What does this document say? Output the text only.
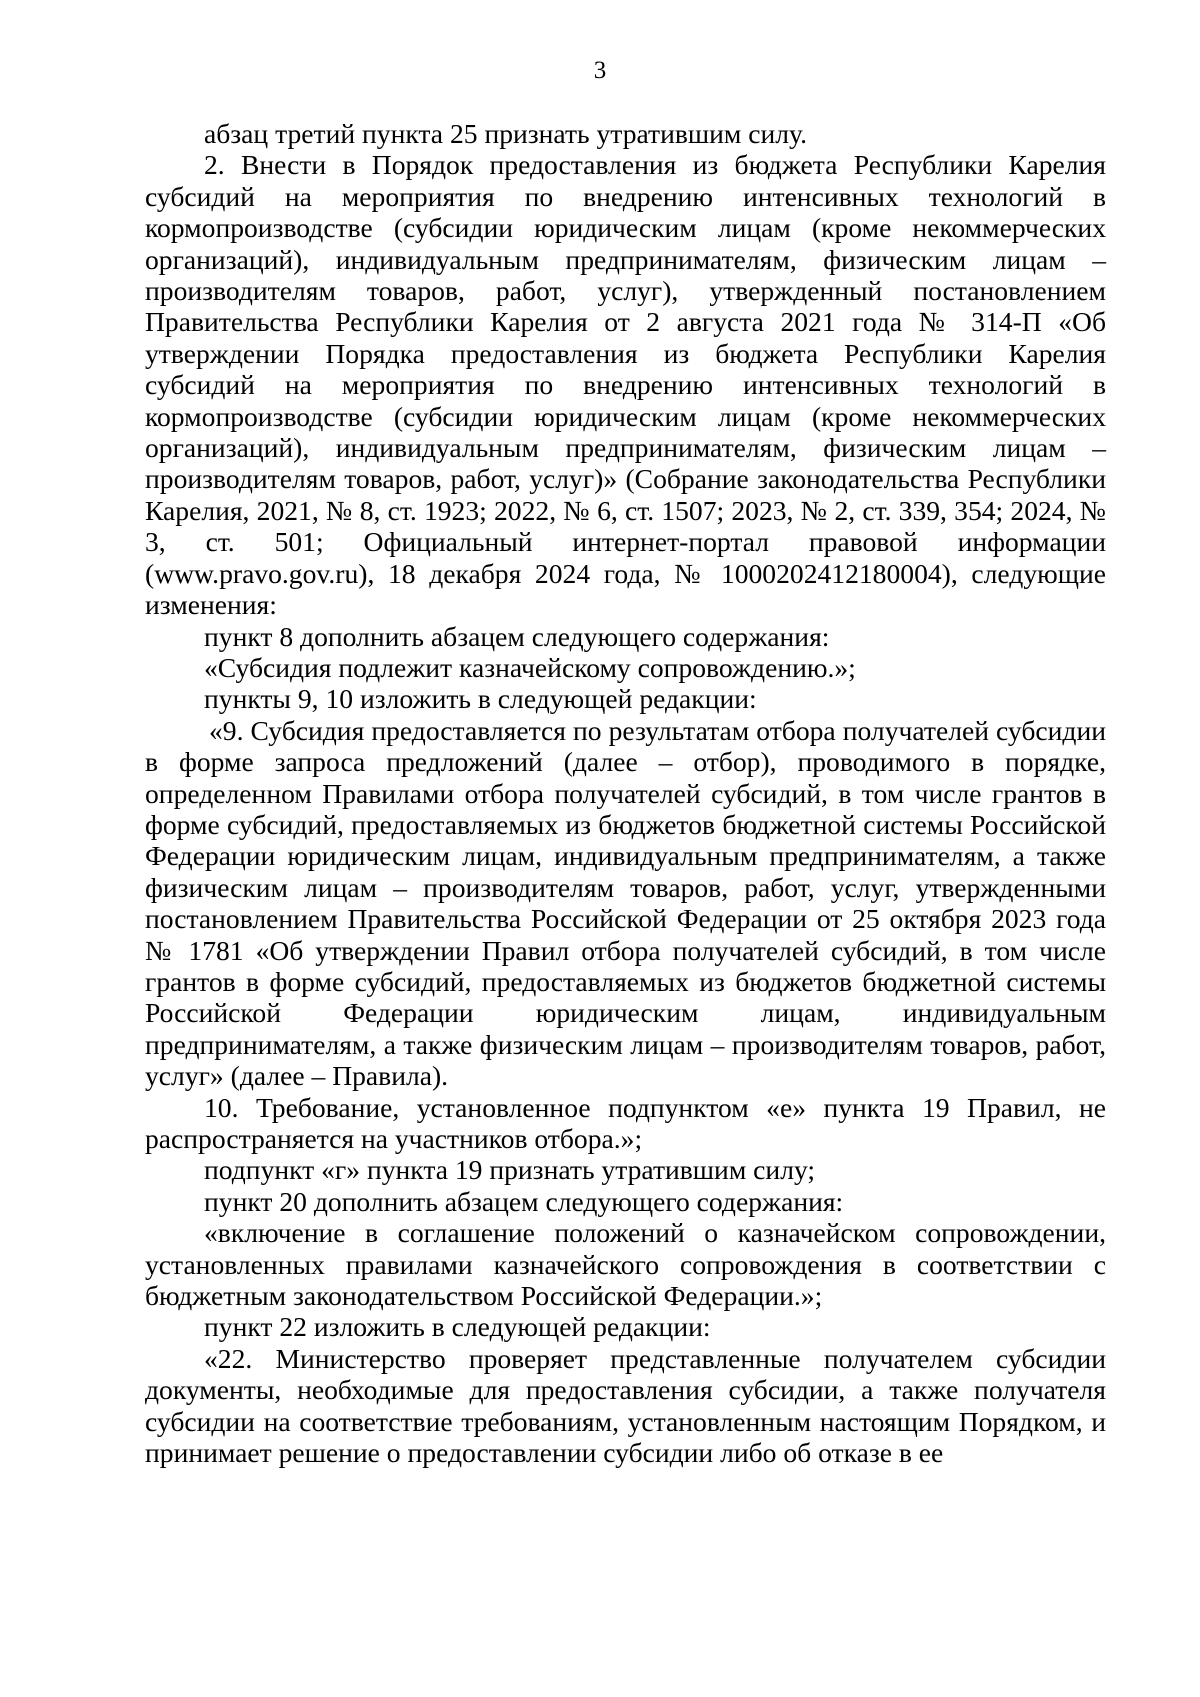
3

абзац третий пункта 25 признать утратившим силу.

2. Внести в Порядок предоставления из бюджета Республики Карелия субсидий на мероприятия по внедрению интенсивных технологий в кормопроизводстве (субсидии юридическим лицам (кроме некоммерческих организаций), индивидуальным предпринимателям, физическим лицам – производителям товаров, работ, услуг), утвержденный постановлением Правительства Республики Карелия от 2 августа 2021 года № 314-П «Об утверждении Порядка предоставления из бюджета Республики Карелия субсидий на мероприятия по внедрению интенсивных технологий в кормопроизводстве (субсидии юридическим лицам (кроме некоммерческих организаций), индивидуальным предпринимателям, физическим лицам – производителям товаров, работ, услуг)» (Собрание законодательства Республики Карелия, 2021, № 8, ст. 1923; 2022, № 6, ст. 1507; 2023, № 2, ст. 339, 354; 2024, № 3, ст. 501; Официальный интернет-портал правовой информации (www.pravo.gov.ru), 18 декабря 2024 года, № 1000202412180004), следующие изменения:

пункт 8 дополнить абзацем следующего содержания:

«Субсидия подлежит казначейскому сопровождению.»;

пункты 9, 10 изложить в следующей редакции:

«9. Субсидия предоставляется по результатам отбора получателей субсидии в форме запроса предложений (далее – отбор), проводимого в порядке, определенном Правилами отбора получателей субсидий, в том числе грантов в форме субсидий, предоставляемых из бюджетов бюджетной системы Российской Федерации юридическим лицам, индивидуальным предпринимателям, а также физическим лицам – производителям товаров, работ, услуг, утвержденными постановлением Правительства Российской Федерации от 25 октября 2023 года № 1781 «Об утверждении Правил отбора получателей субсидий, в том числе грантов в форме субсидий, предоставляемых из бюджетов бюджетной системы Российской Федерации юридическим лицам, индивидуальным предпринимателям, а также физическим лицам – производителям товаров, работ, услуг» (далее – Правила).

10. Требование, установленное подпунктом «е» пункта 19 Правил, не распространяется на участников отбора.»;

подпункт «г» пункта 19 признать утратившим силу;

пункт 20 дополнить абзацем следующего содержания:

«включение в соглашение положений о казначейском сопровождении, установленных правилами казначейского сопровождения в соответствии с бюджетным законодательством Российской Федерации.»;

пункт 22 изложить в следующей редакции:

«22. Министерство проверяет представленные получателем субсидии документы, необходимые для предоставления субсидии, а также получателя субсидии на соответствие требованиям, установленным настоящим Порядком, и принимает решение о предоставлении субсидии либо об отказе в ее
